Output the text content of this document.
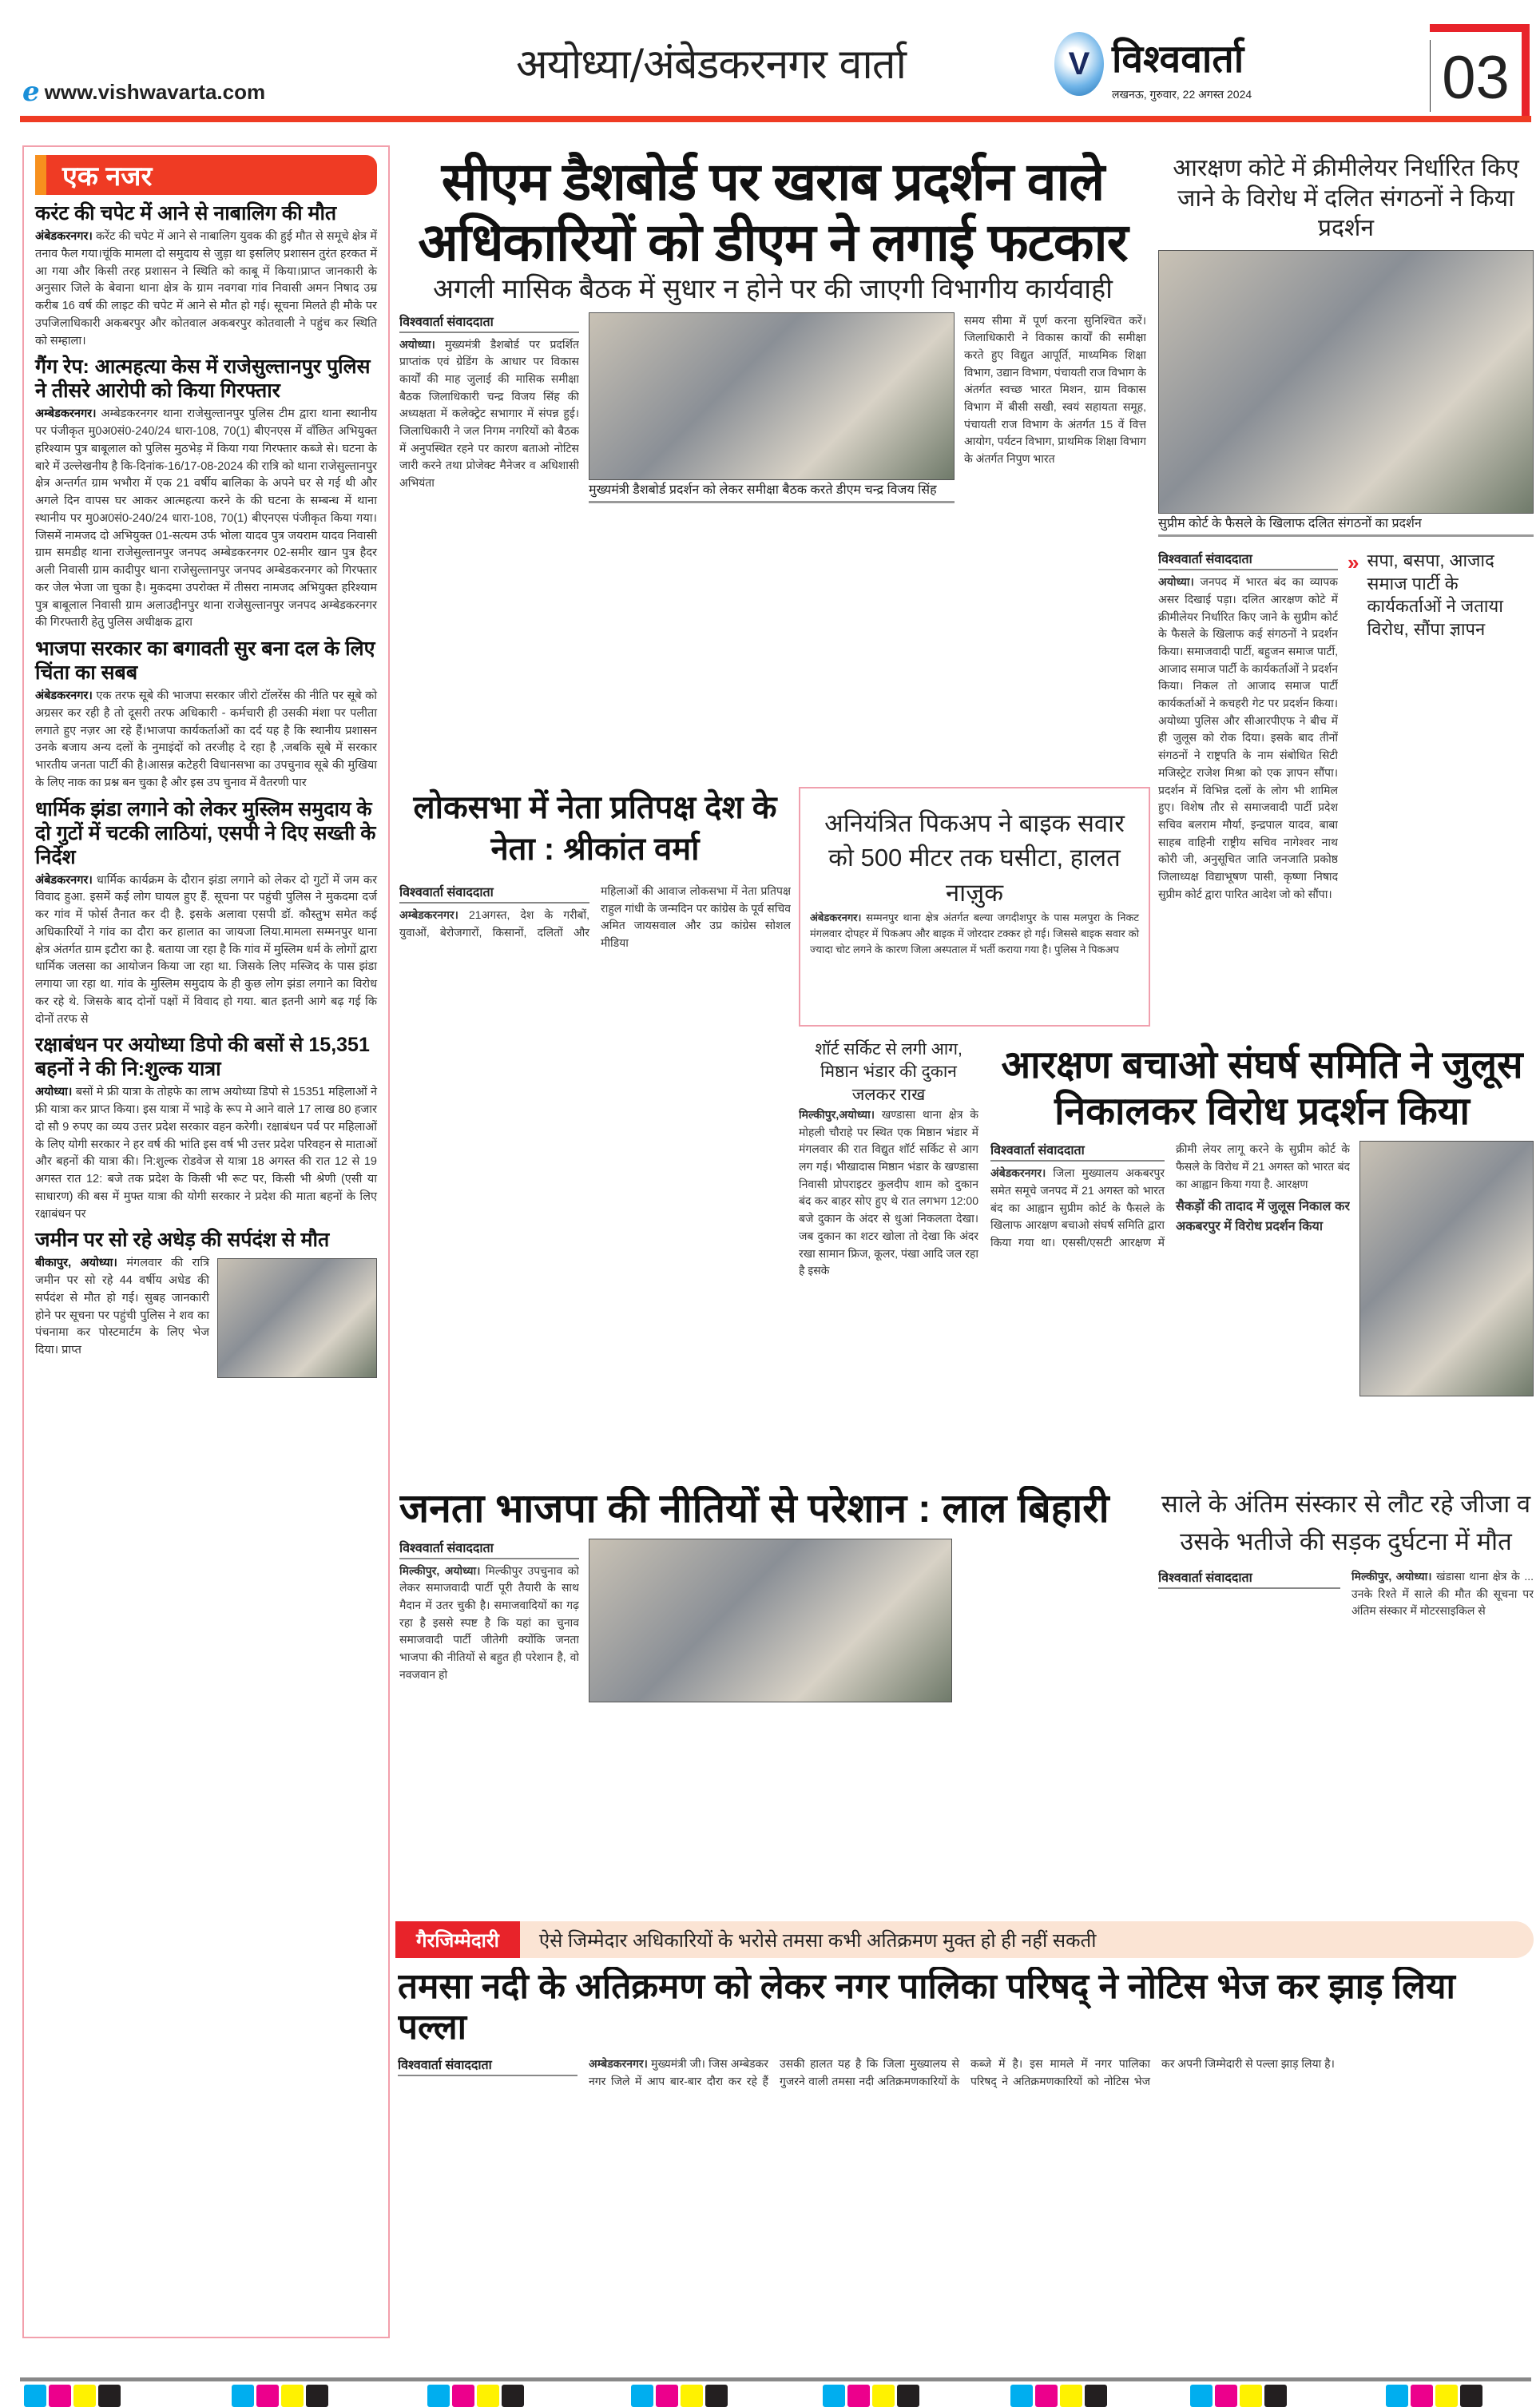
e www.vishwavarta.com
अयोध्या/अंबेडकरनगर वार्ता	V विश्ववार्ता
लखनऊ, गुरुवार, 22 अगस्त 2024	03
एक नजर
करंट की चपेट में आने से नाबालिग की मौत

अंबेडकरनगर। करेंट की चपेट में आने से नाबालिग युवक की हुई मौत से समूचे क्षेत्र में तनाव फैल गया।चूंकि मामला दो समुदाय से जुड़ा था इसलिए प्रशासन तुरंत हरकत में आ गया और किसी तरह प्रशासन ने स्थिति को काबू में किया।प्राप्त जानकारी के अनुसार जिले के बेवाना थाना क्षेत्र के ग्राम नवगवा गांव निवासी अमन निषाद उम्र करीब 16 वर्ष की लाइट की चपेट में आने से मौत हो गई। सूचना मिलते ही मौके पर उपजिलाधिकारी अकबरपुर और कोतवाल अकबरपुर कोतवाली ने पहुंच कर स्थिति को सम्हाला।

गैंग रेप: आत्महत्या केस में राजेसुल्तानपुर पुलिस ने तीसरे आरोपी को किया गिरफ्तार

अम्बेडकरनगर। अम्बेडकरनगर थाना राजेसुल्तानपुर पुलिस टीम द्वारा थाना स्थानीय पर पंजीकृत मु0अ0सं0-240/24 धारा-108, 70(1) बीएनएस में वाँछित अभियुक्त हरिश्याम पुत्र बाबूलाल को पुलिस मुठभेड़ में किया गया गिरफ्तार कब्जे से। घटना के बारे में उल्लेखनीय है कि-दिनांक-16/17-08-2024 की रात्रि को थाना राजेसुल्तानपुर क्षेत्र अन्तर्गत ग्राम भभौरा में एक 21 वर्षीय बालिका के अपने घर से गई थी और अगले दिन वापस घर आकर आत्महत्या करने के की घटना के सम्बन्ध में थाना स्थानीय पर मु0अ0सं0-240/24 धारा-108, 70(1) बीएनएस पंजीकृत किया गया। जिसमें नामजद दो अभियुक्त 01-सत्यम उर्फ भोला यादव पुत्र जयराम यादव निवासी ग्राम समडीह थाना राजेसुल्तानपुर जनपद अम्बेडकरनगर 02-समीर खान पुत्र हैदर अली निवासी ग्राम कादीपुर थाना राजेसुल्तानपुर जनपद अम्बेडकरनगर को गिरफ्तार कर जेल भेजा जा चुका है। मुकदमा उपरोक्त में तीसरा नामजद अभियुक्त हरिश्याम पुत्र बाबूलाल निवासी ग्राम अलाउद्दीनपुर थाना राजेसुल्तानपुर जनपद अम्बेडकरनगर की गिरफ्तारी हेतु पुलिस अधीक्षक द्वारा

भाजपा सरकार का बगावती सुर बना दल के लिए चिंता का सबब

अंबेडकरनगर। एक तरफ सूबे की भाजपा सरकार जीरो टॉलरेंस की नीति पर सूबे को अग्रसर कर रही है तो दूसरी तरफ अधिकारी - कर्मचारी ही उसकी मंशा पर पलीता लगाते हुए नज़र आ रहे हैं।भाजपा कार्यकर्ताओं का दर्द यह है कि स्थानीय प्रशासन उनके बजाय अन्य दलों के नुमाइंदों को तरजीह दे रहा है ,जबकि सूबे में सरकार भारतीय जनता पार्टी की है।आसन्न कटेहरी विधानसभा का उपचुनाव सूबे की मुखिया के लिए नाक का प्रश्न बन चुका है और इस उप चुनाव में वैतरणी पार

धार्मिक झंडा लगाने को लेकर मुस्लिम समुदाय के दो गुटों में चटकी लाठियां, एसपी ने दिए सख्ती के निर्देश

अंबेडकरनगर। धार्मिक कार्यक्रम के दौरान झंडा लगाने को लेकर दो गुटों में जम कर विवाद हुआ. इसमें कई लोग घायल हुए हैं. सूचना पर पहुंची पुलिस ने मुकदमा दर्ज कर गांव में फोर्स तैनात कर दी है. इसके अलावा एसपी डॉ. कौस्तुभ समेत कई अधिकारियों ने गांव का दौरा कर हालात का जायजा लिया.मामला सम्मनपुर थाना क्षेत्र अंतर्गत ग्राम इटौरा का है. बताया जा रहा है कि गांव में मुस्लिम धर्म के लोगों द्वारा धार्मिक जलसा का आयोजन किया जा रहा था. जिसके लिए मस्जिद के पास झंडा लगाया जा रहा था. गांव के मुस्लिम समुदाय के ही कुछ लोग झंडा लगाने का विरोध कर रहे थे. जिसके बाद दोनों पक्षों में विवाद हो गया. बात इतनी आगे बढ़ गई कि दोनों तरफ से

रक्षाबंधन पर अयोध्या डिपो की बसों से 15,351 बहनों ने की नि:शुल्क यात्रा

अयोध्या। बसों मे फ्री यात्रा के तोहफे का लाभ अयोध्या डिपो से 15351 महिलाओं ने फ्री यात्रा कर प्राप्त किया। इस यात्रा में भाड़े के रूप मे आने वाले 17 लाख 80 हजार दो सौ 9 रुपए का व्यय उत्तर प्रदेश सरकार वहन करेगी। रक्षाबंधन पर्व पर महिलाओं के लिए योगी सरकार ने हर वर्ष की भांति इस वर्ष भी उत्तर प्रदेश परिवहन से माताओं और बहनों की यात्रा की। नि:शुल्क रोडवेज से यात्रा 18 अगस्त की रात 12 से 19 अगस्त रात 12: बजे तक प्रदेश के किसी भी रूट पर, किसी भी श्रेणी (एसी या साधारण) की बस में मुफ्त यात्रा की योगी सरकार ने प्रदेश की माता बहनों के लिए रक्षाबंधन पर

जमीन पर सो रहे अधेड़ की सर्पदंश से मौत

बीकापुर, अयोध्या। मंगलवार की रात्रि जमीन पर सो रहे 44 वर्षीय अधेड की सर्पदंश से मौत हो गई। सुबह जानकारी होने पर सूचना पर पहुंची पुलिस ने शव का पंचनामा कर पोस्टमार्टम के लिए भेज दिया। प्राप्त

सीएम डैशबोर्ड पर खराब प्रदर्शन वाले
अधिकारियों को डीएम ने लगाई फटकार
अगली मासिक बैठक में सुधार न होने पर की जाएगी विभागीय कार्यवाही
विश्ववार्ता संवाददाता

अयोध्या। मुख्यमंत्री डैशबोर्ड पर प्रदर्शित प्राप्तांक एवं ग्रेडिंग के आधार पर विकास कार्यों की माह जुलाई की मासिक समीक्षा बैठक जिलाधिकारी चन्द्र विजय सिंह की अध्यक्षता में कलेक्ट्रेट सभागार में संपन्न हुई। जिलाधिकारी ने जल निगम नगरियों को बैठक में अनुपस्थित रहने पर कारण बताओ नोटिस जारी करने तथा प्रोजेक्ट मैनेजर व अधिशासी अभियंता

मुख्यमंत्री डैशबोर्ड प्रदर्शन को लेकर समीक्षा बैठक करते डीएम चन्द्र विजय सिंह

समय सीमा में पूर्ण करना सुनिश्चित करें। जिलाधिकारी ने विकास कार्यों की समीक्षा करते हुए विद्युत आपूर्ति, माध्यमिक शिक्षा विभाग, उद्यान विभाग, पंचायती राज विभाग के अंतर्गत स्वच्छ भारत मिशन, ग्राम विकास विभाग में बीसी सखी, स्वयं सहायता समूह, पंचायती राज विभाग के अंतर्गत 15 वें वित्त आयोग, पर्यटन विभाग, प्राथमिक शिक्षा विभाग के अंतर्गत निपुण भारत

आरक्षण कोटे में क्रीमीलेयर निर्धारित किए जाने के विरोध में दलित संगठनों ने किया प्रदर्शन
सुप्रीम कोर्ट के फैसले के खिलाफ दलित संगठनों का प्रदर्शन
विश्ववार्ता संवाददाता

अयोध्या। जनपद में भारत बंद का व्यापक असर दिखाई पड़ा। दलित आरक्षण कोटे में क्रीमीलेयर निर्धारित किए जाने के सुप्रीम कोर्ट के फैसले के खिलाफ कई संगठनों ने प्रदर्शन किया। समाजवादी पार्टी, बहुजन समाज पार्टी, आजाद समाज पार्टी के कार्यकर्ताओं ने प्रदर्शन किया। निकल तो आजाद समाज पार्टी कार्यकर्ताओं ने कचहरी गेट पर प्रदर्शन किया। अयोध्या पुलिस और सीआरपीएफ ने बीच में ही जुलूस को रोक दिया। इसके बाद तीनों संगठनों ने राष्ट्रपति के नाम संबोधित सिटी मजिस्ट्रेट राजेश मिश्रा को एक ज्ञापन सौंपा। प्रदर्शन में विभिन्न दलों के लोग भी शामिल हुए। विशेष तौर से समाजवादी पार्टी प्रदेश सचिव बलराम मौर्या, इन्द्रपाल यादव, बाबा साहब वाहिनी राष्ट्रीय सचिव नागेश्वर नाथ कोरी जी, अनुसूचित जाति जनजाति प्रकोष्ठ जिलाध्यक्ष विद्याभूषण पासी, कृष्णा निषाद सुप्रीम कोर्ट द्वारा पारित आदेश जो को सौंपा।

» सपा, बसपा, आजाद समाज पार्टी के कार्यकर्ताओं ने जताया विरोध, सौंपा ज्ञापन
लोकसभा में नेता प्रतिपक्ष देश के नेता : श्रीकांत वर्मा
विश्ववार्ता संवाददाता

अम्बेडकरनगर। 21अगस्त, देश के गरीबों, युवाओं, बेरोजगारों, किसानों, दलितों और महिलाओं की आवाज लोकसभा में नेता प्रतिपक्ष राहुल गांधी के जन्मदिन पर कांग्रेस के पूर्व सचिव अमित जायसवाल और उप्र कांग्रेस सोशल मीडिया

अनियंत्रित पिकअप ने बाइक सवार को 500 मीटर तक घसीटा, हालत नाज़ुक

अंबेडकरनगर। सम्मनपुर थाना क्षेत्र अंतर्गत बल्या जगदीशपुर के पास मलपुरा के निकट मंगलवार दोपहर में पिकअप और बाइक में जोरदार टक्कर हो गई। जिससे बाइक सवार को ज्यादा चोट लगने के कारण जिला अस्पताल में भर्ती कराया गया है। पुलिस ने पिकअप

शॉर्ट सर्किट से लगी आग, मिष्ठान भंडार की दुकान जलकर राख

मिल्कीपुर,अयोध्या। खण्डासा थाना क्षेत्र के मोहली चौराहे पर स्थित एक मिष्ठान भंडार में मंगलवार की रात विद्युत शॉर्ट सर्किट से आग लग गई। भीखादास मिष्ठान भंडार के खण्डासा निवासी प्रोपराइटर कुलदीप शाम को दुकान बंद कर बाहर सोए हुए थे रात लगभग 12:00 बजे दुकान के अंदर से धुआं निकलता देखा। जब दुकान का शटर खोला तो देखा कि अंदर रखा सामान फ्रिज, कूलर, पंखा आदि जल रहा है इसके

आरक्षण बचाओ संघर्ष समिति ने जुलूस निकालकर विरोध प्रदर्शन किया
विश्ववार्ता संवाददाता

अंबेडकरनगर। जिला मुख्यालय अकबरपुर समेत समूचे जनपद में 21 अगस्त को भारत बंद का आह्वान सुप्रीम कोर्ट के फैसले के खिलाफ आरक्षण बचाओ संघर्ष समिति द्वारा किया गया था। एससी/एसटी आरक्षण में क्रीमी लेयर लागू करने के सुप्रीम कोर्ट के फैसले के विरोध में 21 अगस्त को भारत बंद का आह्वान किया गया है. आरक्षण

सैकड़ों की तादाद में जुलूस निकाल कर अकबरपुर में विरोध प्रदर्शन किया

जनता भाजपा की नीतियों से परेशान : लाल बिहारी
विश्ववार्ता संवाददाता

मिल्कीपुर, अयोध्या। मिल्कीपुर उपचुनाव को लेकर समाजवादी पार्टी पूरी तैयारी के साथ मैदान में उतर चुकी है। समाजवादियों का गढ़ रहा है इससे स्पष्ट है कि यहां का चुनाव समाजवादी पार्टी जीतेगी क्योंकि जनता भाजपा की नीतियों से बहुत ही परेशान है, वो नवजवान हो

साले के अंतिम संस्कार से लौट रहे जीजा व उसके भतीजे की सड़क दुर्घटना में मौत
विश्ववार्ता संवाददाता	मिल्कीपुर, अयोध्या। खंडासा थाना क्षेत्र के ... उनके रिश्ते में साले की मौत की सूचना पर अंतिम संस्कार में मोटरसाइकिल से

गैरजिम्मेदारी	ऐसे जिम्मेदार अधिकारियों के भरोसे तमसा कभी अतिक्रमण मुक्त हो ही नहीं सकती
तमसा नदी के अतिक्रमण को लेकर नगर पालिका परिषद् ने नोटिस भेज कर झाड़ लिया पल्ला
विश्ववार्ता संवाददाता	अम्बेडकरनगर। मुख्यमंत्री जी। जिस अम्बेडकर नगर जिले में आप बार-बार दौरा कर रहे हैं उसकी हालत यह है कि जिला मुख्यालय से गुजरने वाली तमसा नदी अतिक्रमणकारियों के कब्जे में है। इस मामले में नगर पालिका परिषद् ने अतिक्रमणकारियों को नोटिस भेज कर अपनी जिम्मेदारी से पल्ला झाड़ लिया है।
